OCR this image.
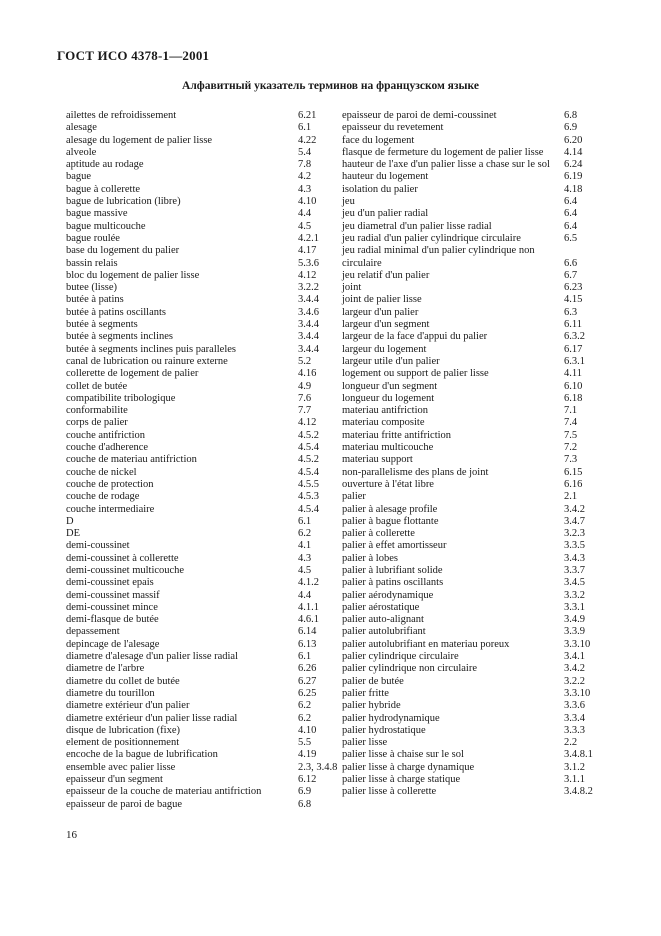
ГОСТ ИСО 4378-1—2001
Алфавитный указатель терминов на французском языке
ailettes de refroidissement	6.21
alesage	6.1
alesage du logement de palier lisse	4.22
alveole	5.4
aptitude au rodage	7.8
bague	4.2
bague à collerette	4.3
bague de lubrication (libre)	4.10
bague massive	4.4
bague multicouche	4.5
bague roulée	4.2.1
base du logement du palier	4.17
bassin relais	5.3.6
bloc du logement de palier lisse	4.12
butee (lisse)	3.2.2
butée à patins	3.4.4
butée à patins oscillants	3.4.6
butée à segments	3.4.4
butée à segments inclines	3.4.4
butée à segments inclines puis paralleles	3.4.4
canal de lubrication ou rainure externe	5.2
collerette de logement de palier	4.16
collet de butée	4.9
compatibilite tribologique	7.6
conformabilite	7.7
corps de palier	4.12
couche antifriction	4.5.2
couche d'adherence	4.5.4
couche de materiau antifriction	4.5.2
couche de nickel	4.5.4
couche de protection	4.5.5
couche de rodage	4.5.3
couche intermediaire	4.5.4
D	6.1
DE	6.2
demi-coussinet	4.1
demi-coussinet à collerette	4.3
demi-coussinet multicouche	4.5
demi-coussinet epais	4.1.2
demi-coussinet massif	4.4
demi-coussinet mince	4.1.1
demi-flasque de butée	4.6.1
depassement	6.14
depincage de l'alesage	6.13
diametre d'alesage d'un palier lisse radial	6.1
diametre de l'arbre	6.26
diametre du collet de butée	6.27
diametre du tourillon	6.25
diametre extérieur d'un palier	6.2
diametre extérieur d'un palier lisse radial	6.2
disque de lubrication (fixe)	4.10
element de positionnement	5.5
encoche de la bague de lubrification	4.19
ensemble avec palier lisse	2.3, 3.4.8
epaisseur d'un segment	6.12
epaisseur de la couche de materiau antifriction	6.9
epaisseur de paroi de bague	6.8
epaisseur de paroi de demi-coussinet	6.8
epaisseur du revetement	6.9
face du logement	6.20
flasque de fermeture du logement de palier lisse 4.14
hauteur de l'axe d'un palier lisse a chase sur le sol 6.24
hauteur du logement	6.19
isolation du palier	4.18
jeu	6.4
jeu d'un palier radial	6.4
jeu diametral d'un palier lisse radial	6.4
jeu radial d'un palier cylindrique circulaire	6.5
jeu radial minimal d'un palier cylindrique non circulaire	6.6
jeu relatif d'un palier	6.7
joint	6.23
joint de palier lisse	4.15
largeur d'un palier	6.3
largeur d'un segment	6.11
largeur de la face d'appui du palier	6.3.2
largeur du logement	6.17
largeur utile d'un palier	6.3.1
logement ou support de palier lisse	4.11
longueur d'un segment	6.10
longueur du logement	6.18
materiau antifriction	7.1
materiau composite	7.4
materiau fritte antifriction	7.5
materiau multicouche	7.2
materiau support	7.3
non-parallelisme des plans de joint	6.15
ouverture à l'état libre	6.16
palier	2.1
palier à alesage profile	3.4.2
palier à bague flottante	3.4.7
palier à collerette	3.2.3
palier à effet amortisseur	3.3.5
palier à lobes	3.4.3
palier à lubrifiant solide	3.3.7
palier à patins oscillants	3.4.5
palier aérodynamique	3.3.2
palier aérostatique	3.3.1
palier auto-alignant	3.4.9
palier autolubrifiant	3.3.9
palier autolubrifiant en materiau poreux	3.3.10
palier cylindrique circulaire	3.4.1
palier cylindrique non circulaire	3.4.2
palier de butée	3.2.2
palier fritte	3.3.10
palier hybride	3.3.6
palier hydrodynamique	3.3.4
palier hydrostatique	3.3.3
palier lisse	2.2
palier lisse à chaise sur le sol	3.4.8.1
palier lisse à charge dynamique	3.1.2
palier lisse à charge statique	3.1.1
palier lisse à collerette	3.4.8.2
16
